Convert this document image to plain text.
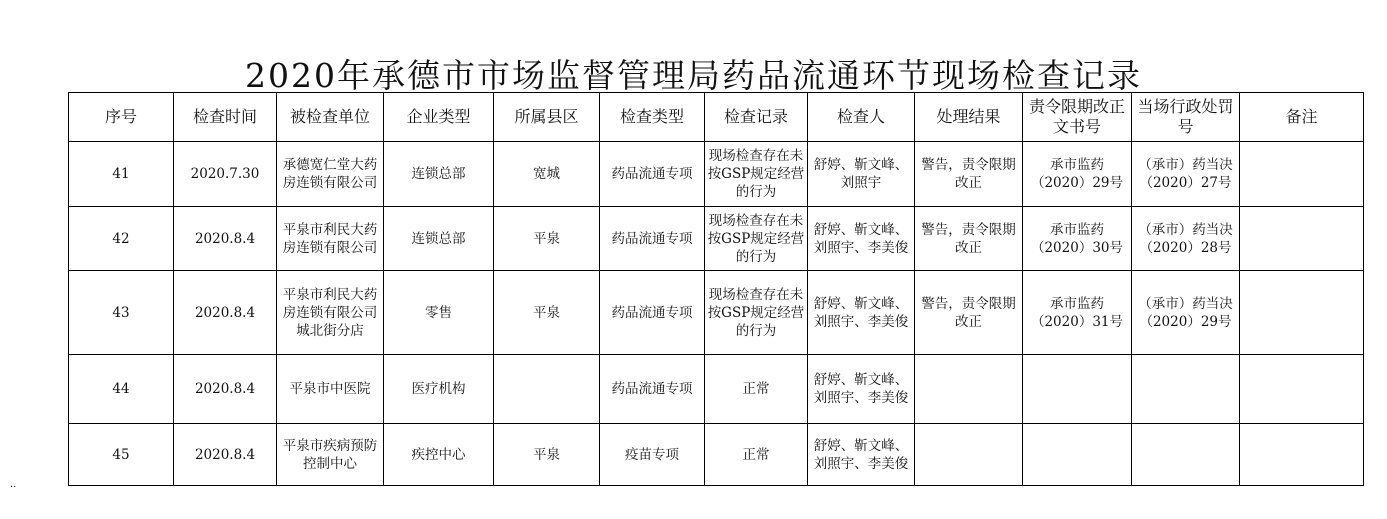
2020年承德市市场监督管理局药品流通环节现场检查记录
序号	检查时间	被检查单位	企业类型	所属县区	检查类型	检查记录	检查人	处理结果	责令限期改正文书号	当场行政处罚号	备注
41	2020.7.30	承德宽仁堂大药房连锁有限公司	连锁总部	宽城	药品流通专项	现场检查存在未按GSP规定经营的行为	舒婷、靳文峰、刘照宇	警告，责令限期改正	承市监药（2020）29号	（承市）药当决（2020）27号	
42	2020.8.4	平泉市利民大药房连锁有限公司	连锁总部	平泉	药品流通专项	现场检查存在未按GSP规定经营的行为	舒婷、靳文峰、刘照宇、李美俊	警告，责令限期改正	承市监药（2020）30号	（承市）药当决（2020）28号	
43	2020.8.4	平泉市利民大药房连锁有限公司城北街分店	零售	平泉	药品流通专项	现场检查存在未按GSP规定经营的行为	舒婷、靳文峰、刘照宇、李美俊	警告，责令限期改正	承市监药（2020）31号	（承市）药当决（2020）29号	
44	2020.8.4	平泉市中医院	医疗机构		药品流通专项	正常	舒婷、靳文峰、刘照宇、李美俊				
45	2020.8.4	平泉市疾病预防控制中心	疾控中心	平泉	疫苗专项	正常	舒婷、靳文峰、刘照宇、李美俊				
..
